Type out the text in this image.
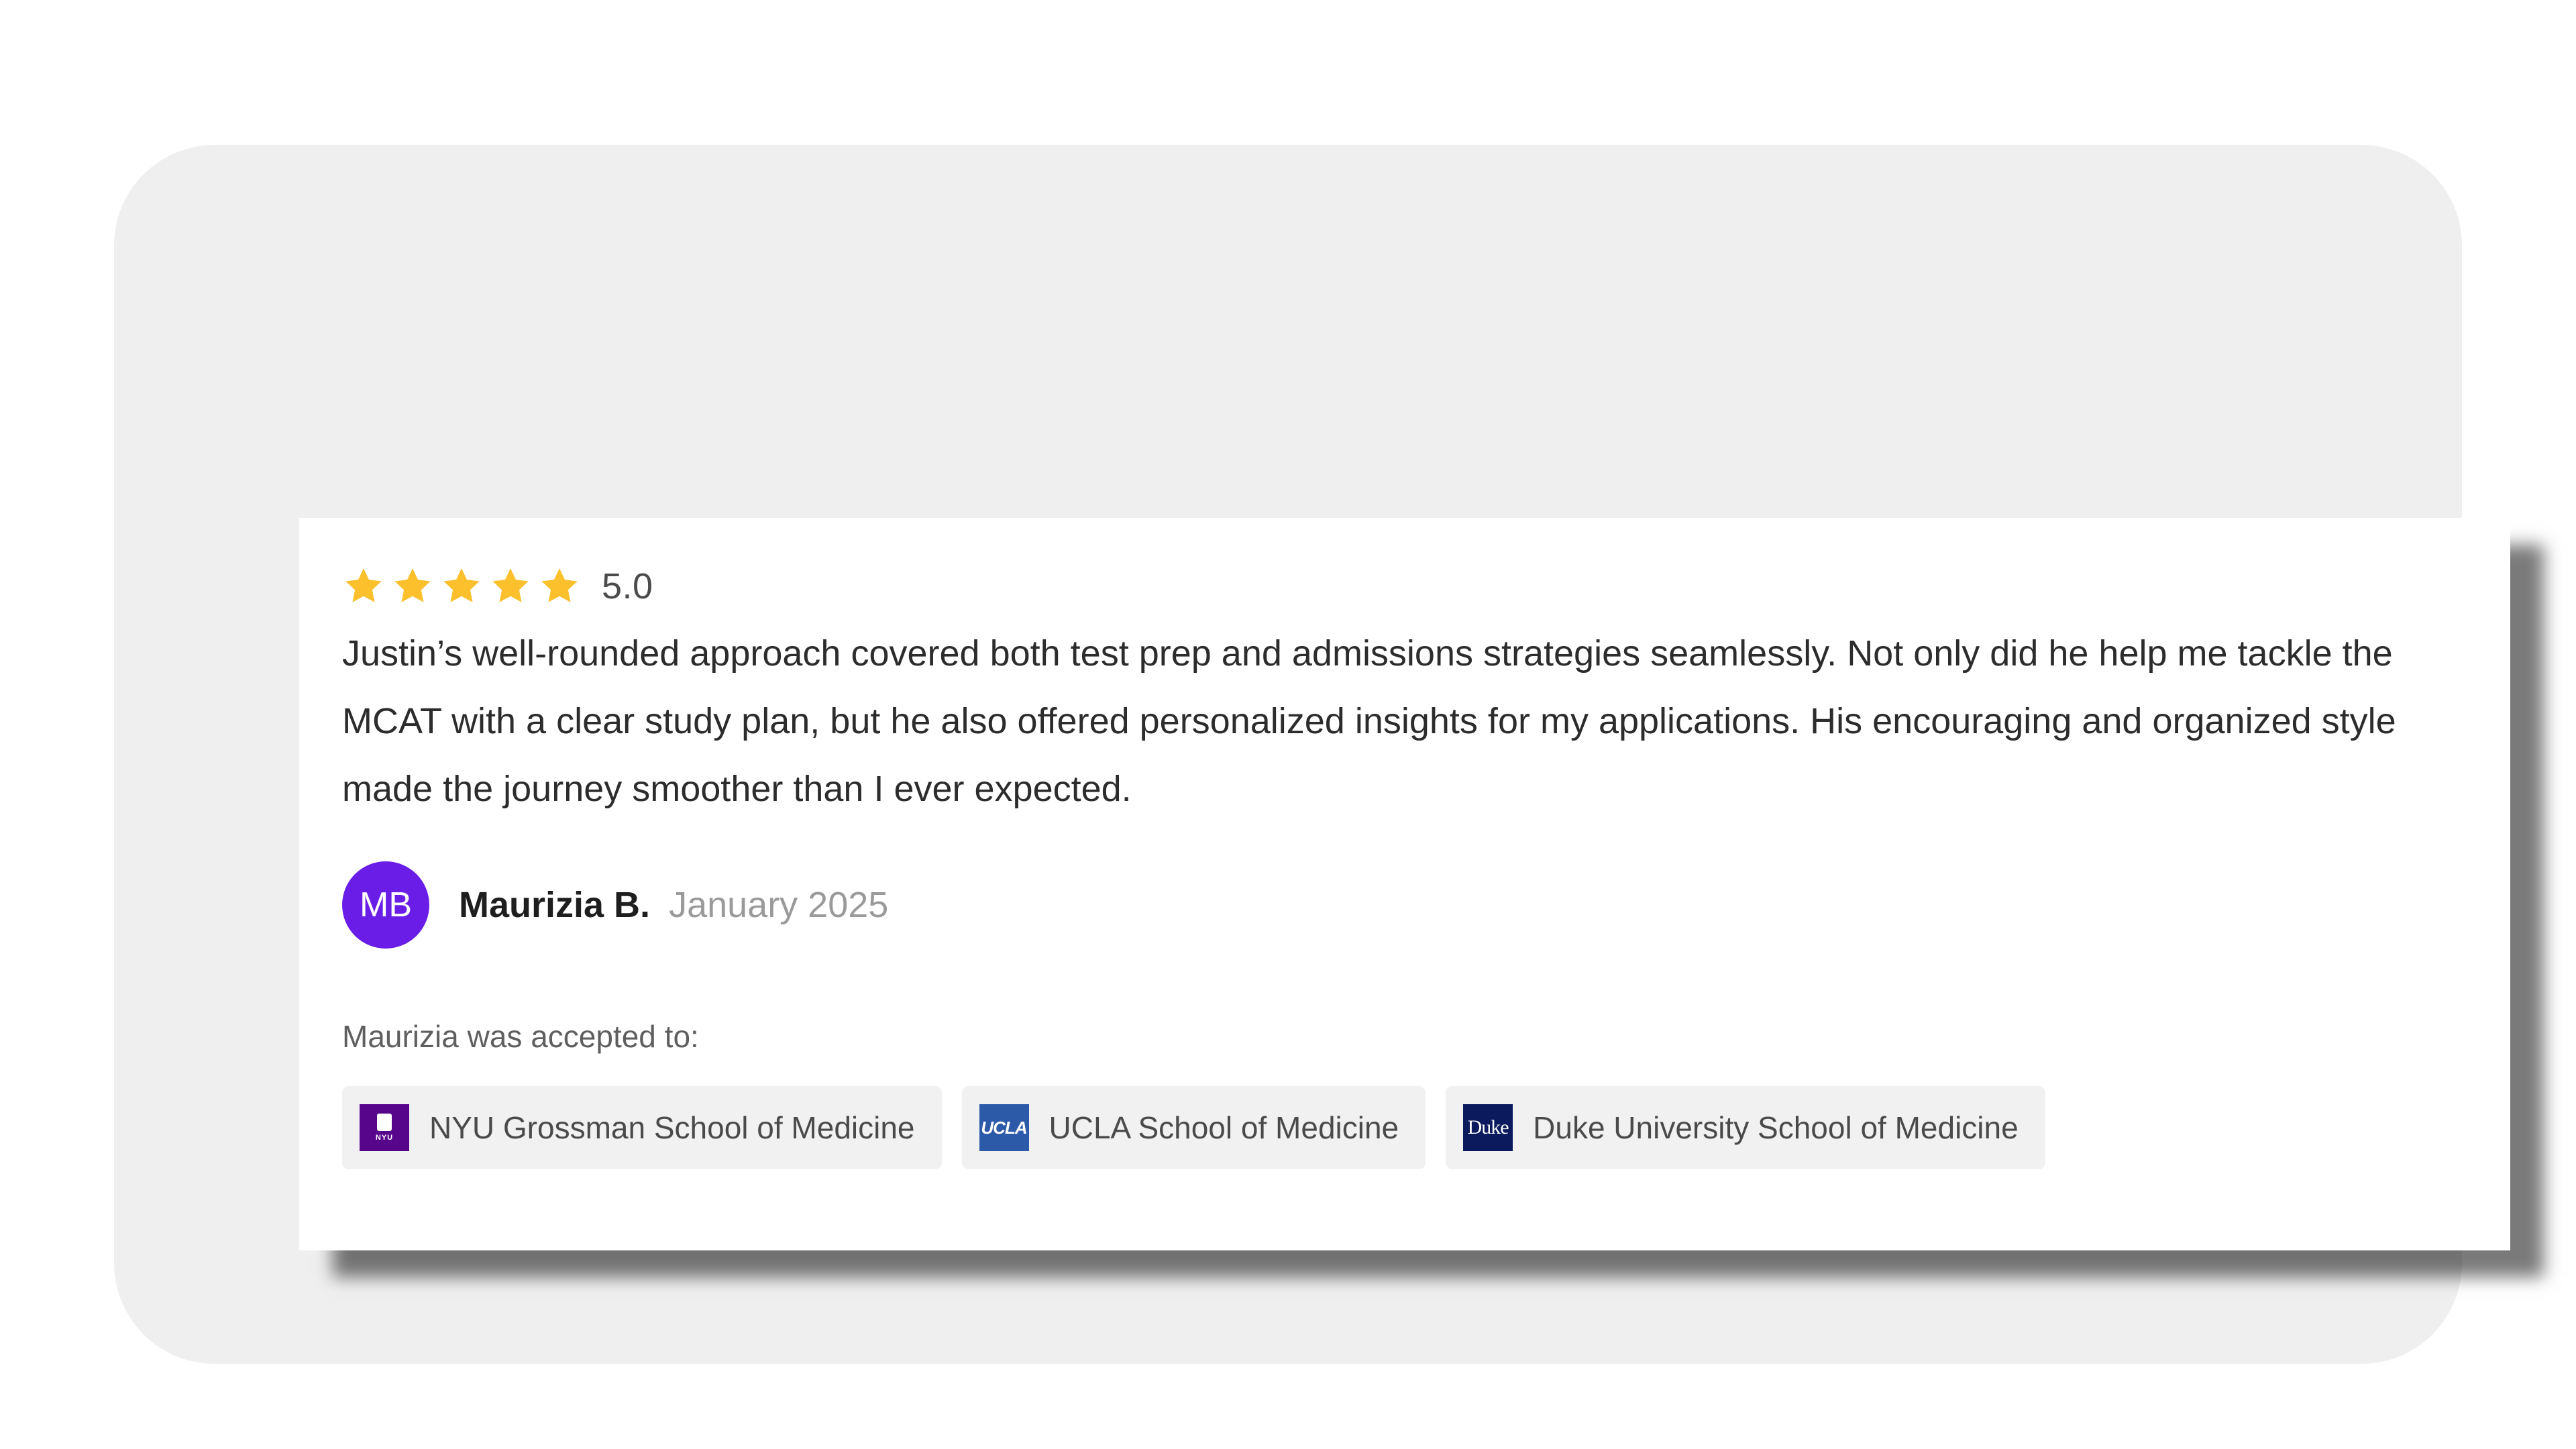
5.0

Justin’s well-rounded approach covered both test prep and admissions strategies seamlessly. Not only did he help me tackle the MCAT with a clear study plan, but he also offered personalized insights for my applications. His encouraging and organized style made the journey smoother than I ever expected.

MB	Maurizia B. January 2025
Maurizia was accepted to:
NYU NYU Grossman School of Medicine	UCLA UCLA School of Medicine	Duke Duke University School of Medicine
